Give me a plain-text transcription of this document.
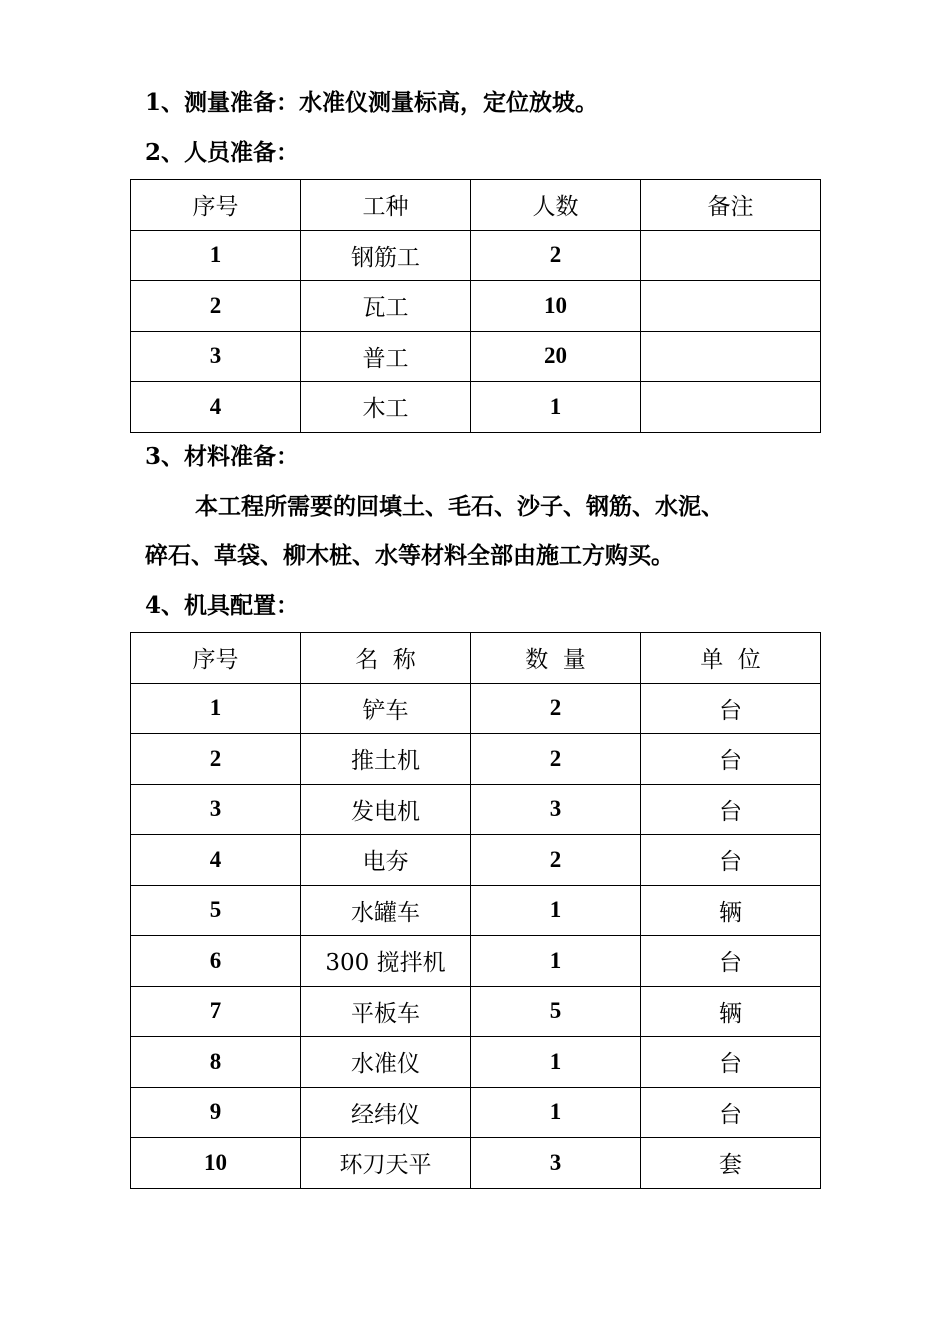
1、测量准备：水准仪测量标高，定位放坡。
2、人员准备：
序号	工种	人数	备注
1	钢筋工	2	
2	瓦工	10	
3	普工	20	
4	木工	1	
3、材料准备：
本工程所需要的回填土、毛石、沙子、钢筋、水泥、
碎石、草袋、柳木桩、水等材料全部由施工方购买。
4、机具配置：
序号	名  称	数  量	单  位
1	铲车	2	台
2	推土机	2	台
3	发电机	3	台
4	电夯	2	台
5	水罐车	1	辆
6	300 搅拌机	1	台
7	平板车	5	辆
8	水准仪	1	台
9	经纬仪	1	台
10	环刀天平	3	套
